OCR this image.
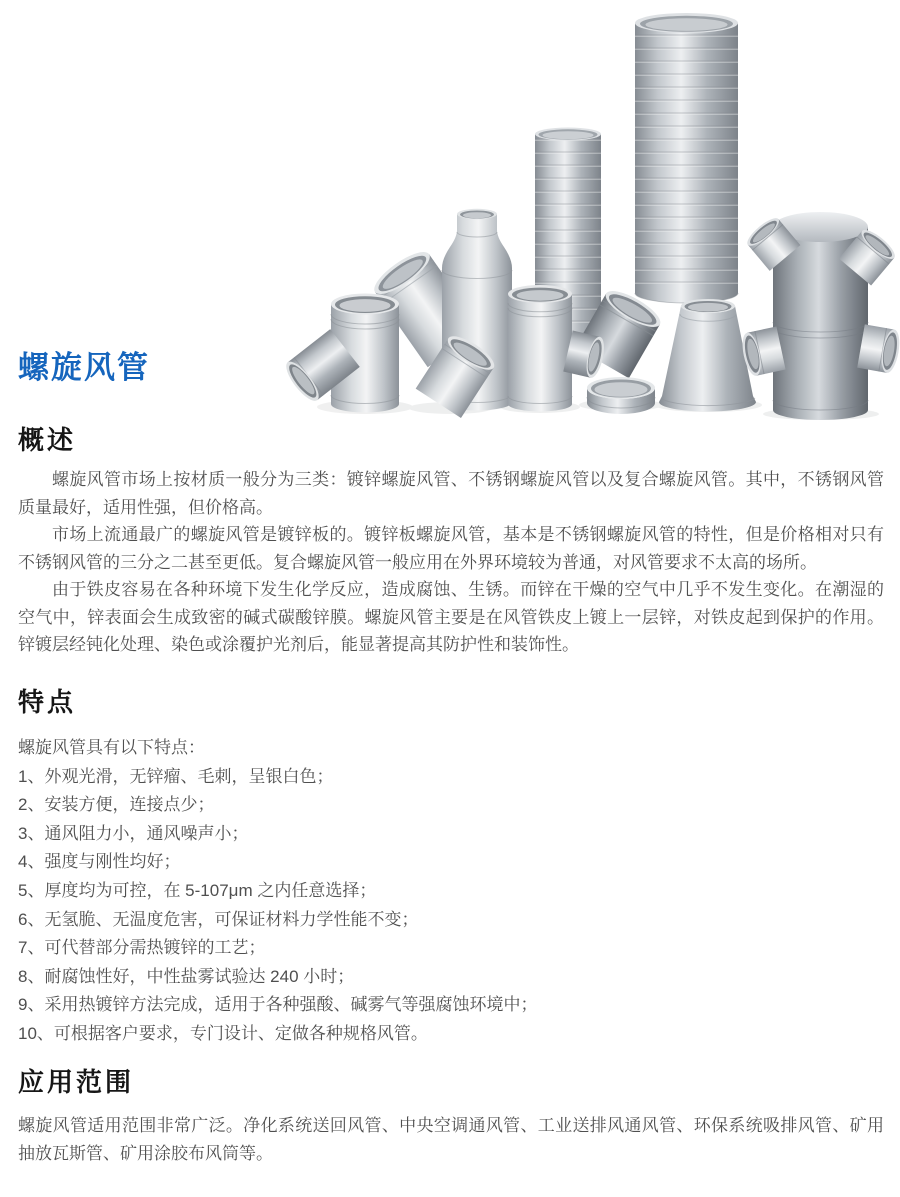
螺旋风管
概述

螺旋风管市场上按材质一般分为三类：镀锌螺旋风管、不锈钢螺旋风管以及复合螺旋风管。其中，不锈钢风管质量最好，适用性强，但价格高。

市场上流通最广的螺旋风管是镀锌板的。镀锌板螺旋风管，基本是不锈钢螺旋风管的特性，但是价格相对只有不锈钢风管的三分之二甚至更低。复合螺旋风管一般应用在外界环境较为普通，对风管要求不太高的场所。

由于铁皮容易在各种环境下发生化学反应，造成腐蚀、生锈。而锌在干燥的空气中几乎不发生变化。在潮湿的空气中，锌表面会生成致密的碱式碳酸锌膜。螺旋风管主要是在风管铁皮上镀上一层锌，对铁皮起到保护的作用。锌镀层经钝化处理、染色或涂覆护光剂后，能显著提高其防护性和装饰性。

特点
螺旋风管具有以下特点：
1、外观光滑，无锌瘤、毛刺，呈银白色；
2、安装方便，连接点少；
3、通风阻力小，通风噪声小；
4、强度与刚性均好；
5、厚度均为可控，在 5-107μm 之内任意选择；
6、无氢脆、无温度危害，可保证材料力学性能不变；
7、可代替部分需热镀锌的工艺；
8、耐腐蚀性好，中性盐雾试验达 240 小时；
9、采用热镀锌方法完成，适用于各种强酸、碱雾气等强腐蚀环境中；
10、可根据客户要求，专门设计、定做各种规格风管。
应用范围
螺旋风管适用范围非常广泛。净化系统送回风管、中央空调通风管、工业送排风通风管、环保系统吸排风管、矿用抽放瓦斯管、矿用涂胶布风筒等。
